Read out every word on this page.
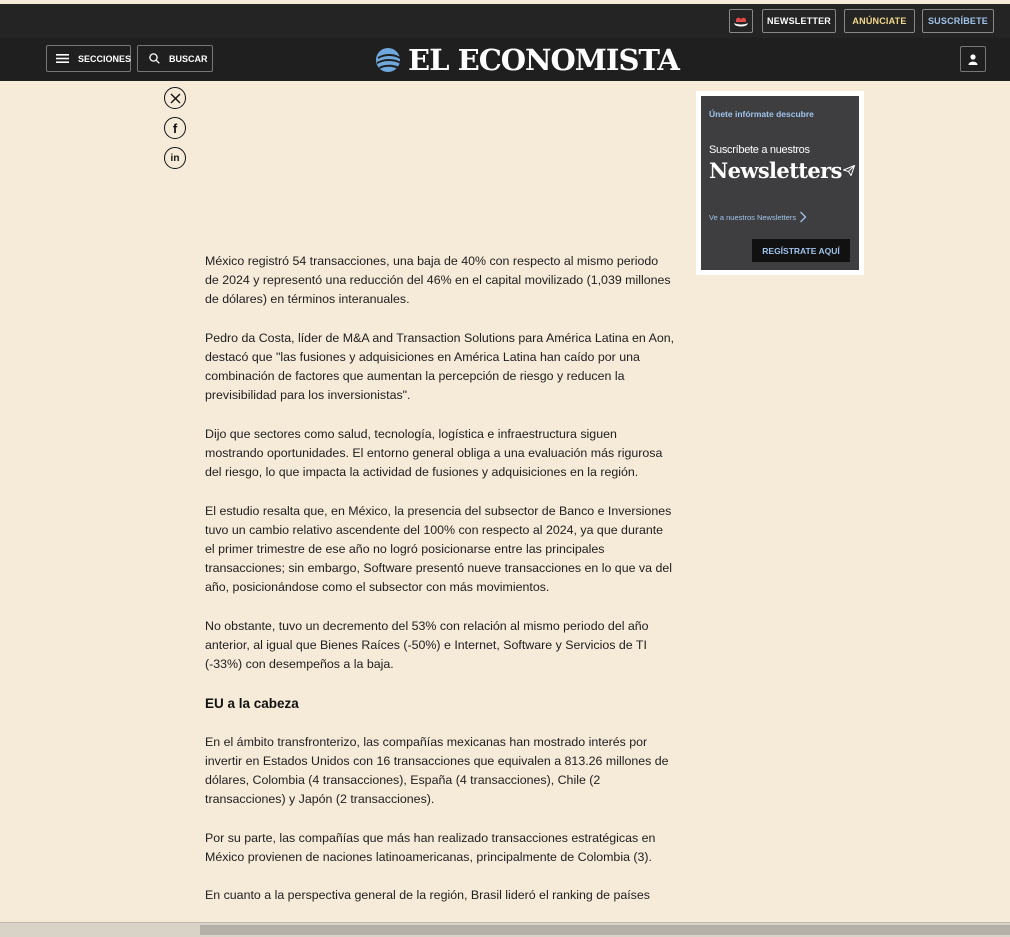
NEWSLETTER	ANÚNCIATE	SUSCRÍBETE
SECCIONES	BUSCAR	EL ECONOMISTA
f
in

México registró 54 transacciones, una baja de 40% con respecto al mismo periodo de 2024 y representó una reducción del 46% en el capital movilizado (1,039 millones de dólares) en términos interanuales.

Pedro da Costa, líder de M&A and Transaction Solutions para América Latina en Aon, destacó que "las fusiones y adquisiciones en América Latina han caído por una combinación de factores que aumentan la percepción de riesgo y reducen la previsibilidad para los inversionistas".

Dijo que sectores como salud, tecnología, logística e infraestructura siguen mostrando oportunidades. El entorno general obliga a una evaluación más rigurosa del riesgo, lo que impacta la actividad de fusiones y adquisiciones en la región.

El estudio resalta que, en México, la presencia del subsector de Banco e Inversiones tuvo un cambio relativo ascendente del 100% con respecto al 2024, ya que durante el primer trimestre de ese año no logró posicionarse entre las principales transacciones; sin embargo, Software presentó nueve transacciones en lo que va del año, posicionándose como el subsector con más movimientos.

No obstante, tuvo un decremento del 53% con relación al mismo periodo del año anterior, al igual que Bienes Raíces (-50%) e Internet, Software y Servicios de TI (-33%) con desempeños a la baja.

EU a la cabeza

En el ámbito transfronterizo, las compañías mexicanas han mostrado interés por invertir en Estados Unidos con 16 transacciones que equivalen a 813.26 millones de dólares, Colombia (4 transacciones), España (4 transacciones), Chile (2 transacciones) y Japón (2 transacciones).

Por su parte, las compañías que más han realizado transacciones estratégicas en México provienen de naciones latinoamericanas, principalmente de Colombia (3).

En cuanto a la perspectiva general de la región, Brasil lideró el ranking de países

Únete infórmate descubre
Suscríbete a nuestros
Newsletters
Ve a nuestros Newsletters
REGÍSTRATE AQUÍ
